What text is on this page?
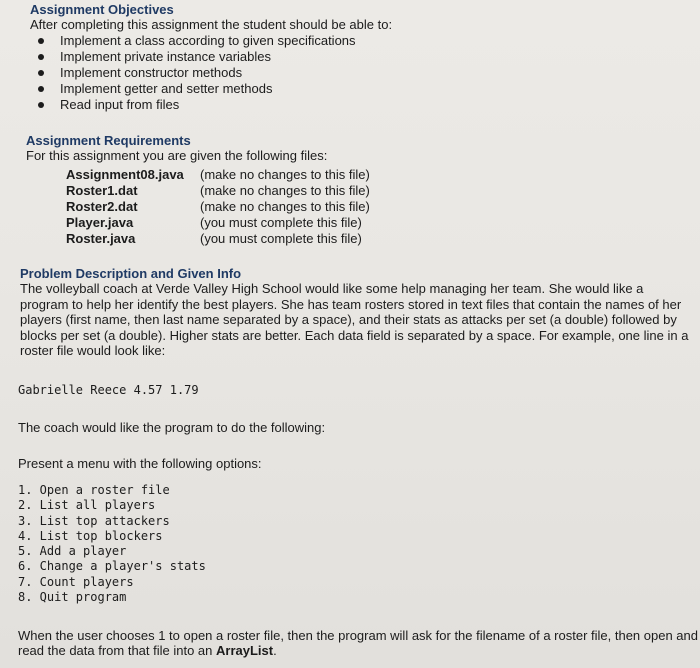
Assignment Objectives
After completing this assignment the student should be able to:
Implement a class according to given specifications
Implement private instance variables
Implement constructor methods
Implement getter and setter methods
Read input from files
Assignment Requirements
For this assignment you are given the following files:
Assignment08.java	(make no changes to this file)
Roster1.dat	(make no changes to this file)
Roster2.dat	(make no changes to this file)
Player.java	(you must complete this file)
Roster.java	(you must complete this file)
Problem Description and Given Info
The volleyball coach at Verde Valley High School would like some help managing her team. She would like a program to help her identify the best players. She has team rosters stored in text files that contain the names of her players (first name, then last name separated by a space), and their stats as attacks per set (a double) followed by blocks per set (a double). Higher stats are better. Each data field is separated by a space. For example, one line in a roster file would look like:
Gabrielle Reece 4.57 1.79
The coach would like the program to do the following:
Present a menu with the following options:
1. Open a roster file
2. List all players
3. List top attackers
4. List top blockers
5. Add a player
6. Change a player's stats
7. Count players
8. Quit program
When the user chooses 1 to open a roster file, then the program will ask for the filename of a roster file, then open and read the data from that file into an ArrayList.
